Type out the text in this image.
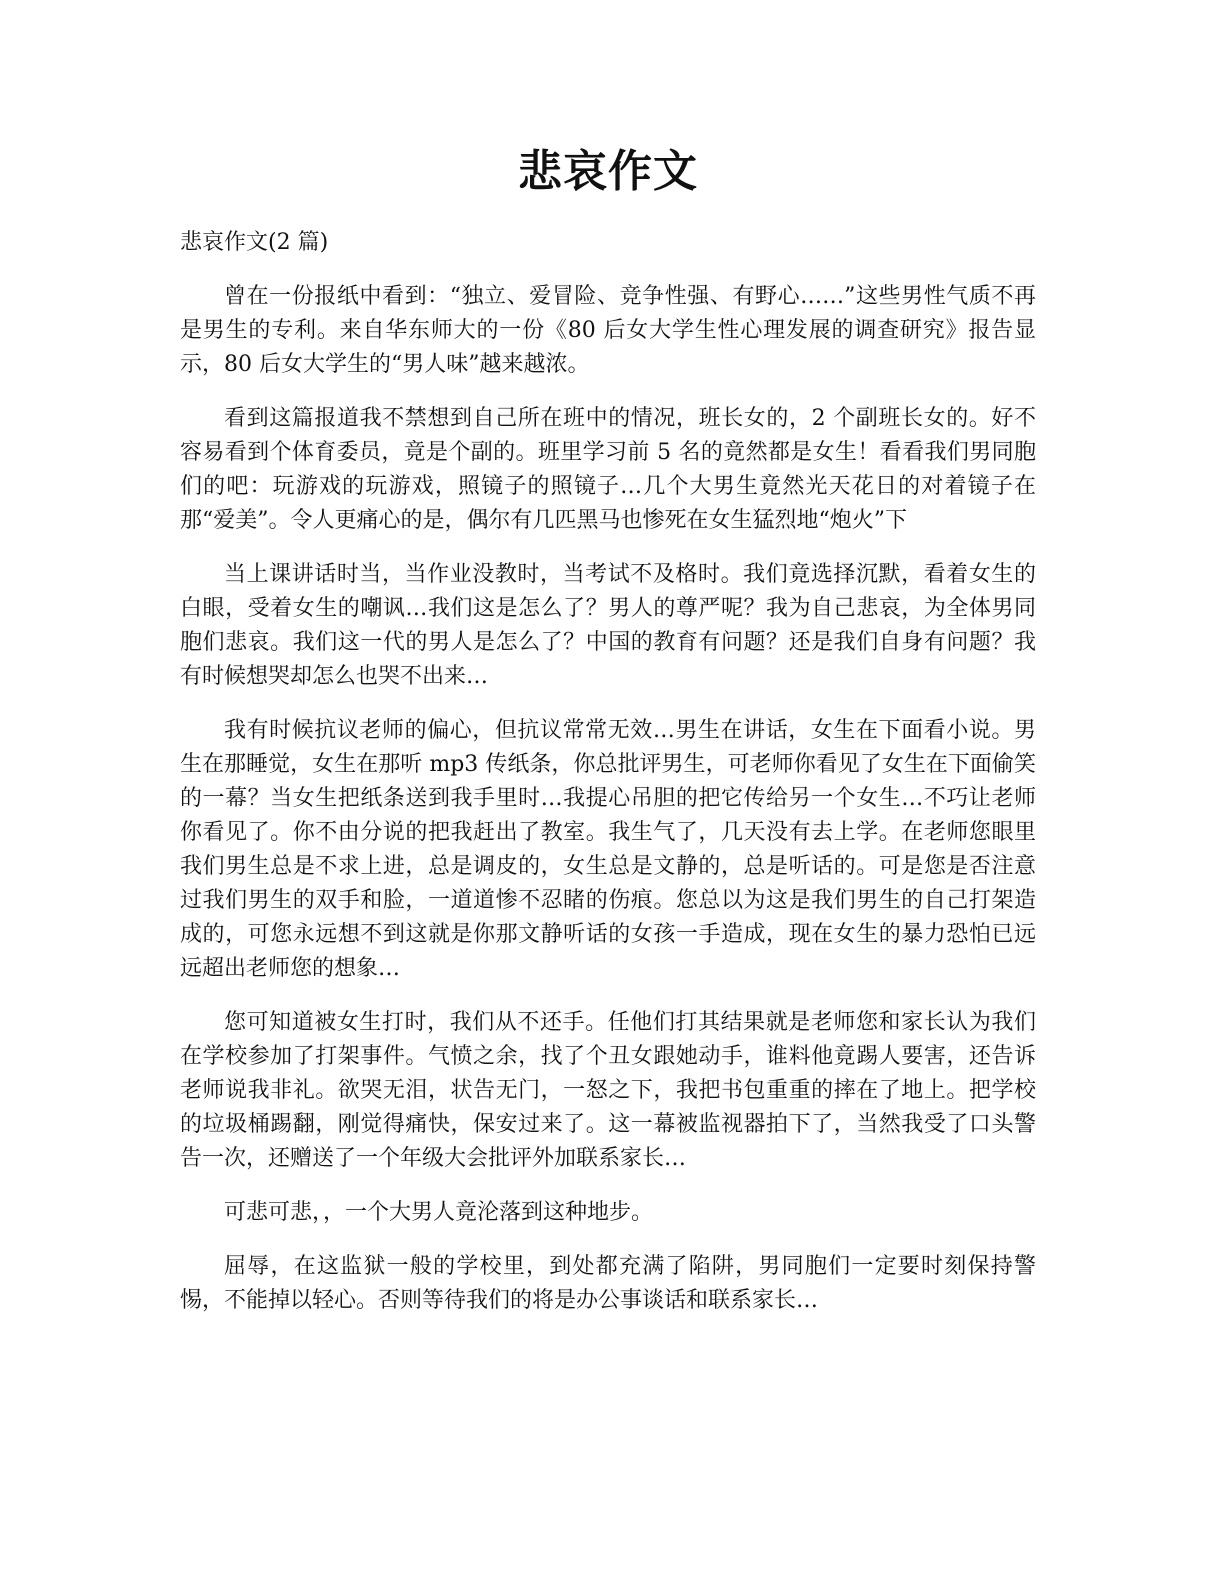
悲哀作文

悲哀作文(2 篇)

曾在一份报纸中看到：“独立、爱冒险、竞争性强、有野心……”这些男性气质不再是男生的专利。来自华东师大的一份《80 后女大学生性心理发展的调查研究》报告显示，80 后女大学生的“男人味”越来越浓。

看到这篇报道我不禁想到自己所在班中的情况，班长女的，2 个副班长女的。好不容易看到个体育委员，竟是个副的。班里学习前 5 名的竟然都是女生！看看我们男同胞们的吧：玩游戏的玩游戏，照镜子的照镜子…几个大男生竟然光天花日的对着镜子在那“爱美”。令人更痛心的是，偶尔有几匹黑马也惨死在女生猛烈地“炮火”下

当上课讲话时当，当作业没教时，当考试不及格时。我们竟选择沉默，看着女生的白眼，受着女生的嘲讽…我们这是怎么了？男人的尊严呢？我为自己悲哀，为全体男同胞们悲哀。我们这一代的男人是怎么了？中国的教育有问题？还是我们自身有问题？我有时候想哭却怎么也哭不出来…

我有时候抗议老师的偏心，但抗议常常无效…男生在讲话，女生在下面看小说。男生在那睡觉，女生在那听 mp3 传纸条，你总批评男生，可老师你看见了女生在下面偷笑的一幕？当女生把纸条送到我手里时…我提心吊胆的把它传给另一个女生…不巧让老师你看见了。你不由分说的把我赶出了教室。我生气了，几天没有去上学。在老师您眼里我们男生总是不求上进，总是调皮的，女生总是文静的，总是听话的。可是您是否注意过我们男生的双手和脸，一道道惨不忍睹的伤痕。您总以为这是我们男生的自己打架造成的，可您永远想不到这就是你那文静听话的女孩一手造成，现在女生的暴力恐怕已远远超出老师您的想象…

您可知道被女生打时，我们从不还手。任他们打其结果就是老师您和家长认为我们在学校参加了打架事件。气愤之余，找了个丑女跟她动手，谁料他竟踢人要害，还告诉老师说我非礼。欲哭无泪，状告无门，一怒之下，我把书包重重的摔在了地上。把学校的垃圾桶踢翻，刚觉得痛快，保安过来了。这一幕被监视器拍下了，当然我受了口头警告一次，还赠送了一个年级大会批评外加联系家长…

可悲可悲，，一个大男人竟沦落到这种地步。

屈辱，在这监狱一般的学校里，到处都充满了陷阱，男同胞们一定要时刻保持警惕，不能掉以轻心。否则等待我们的将是办公事谈话和联系家长…
